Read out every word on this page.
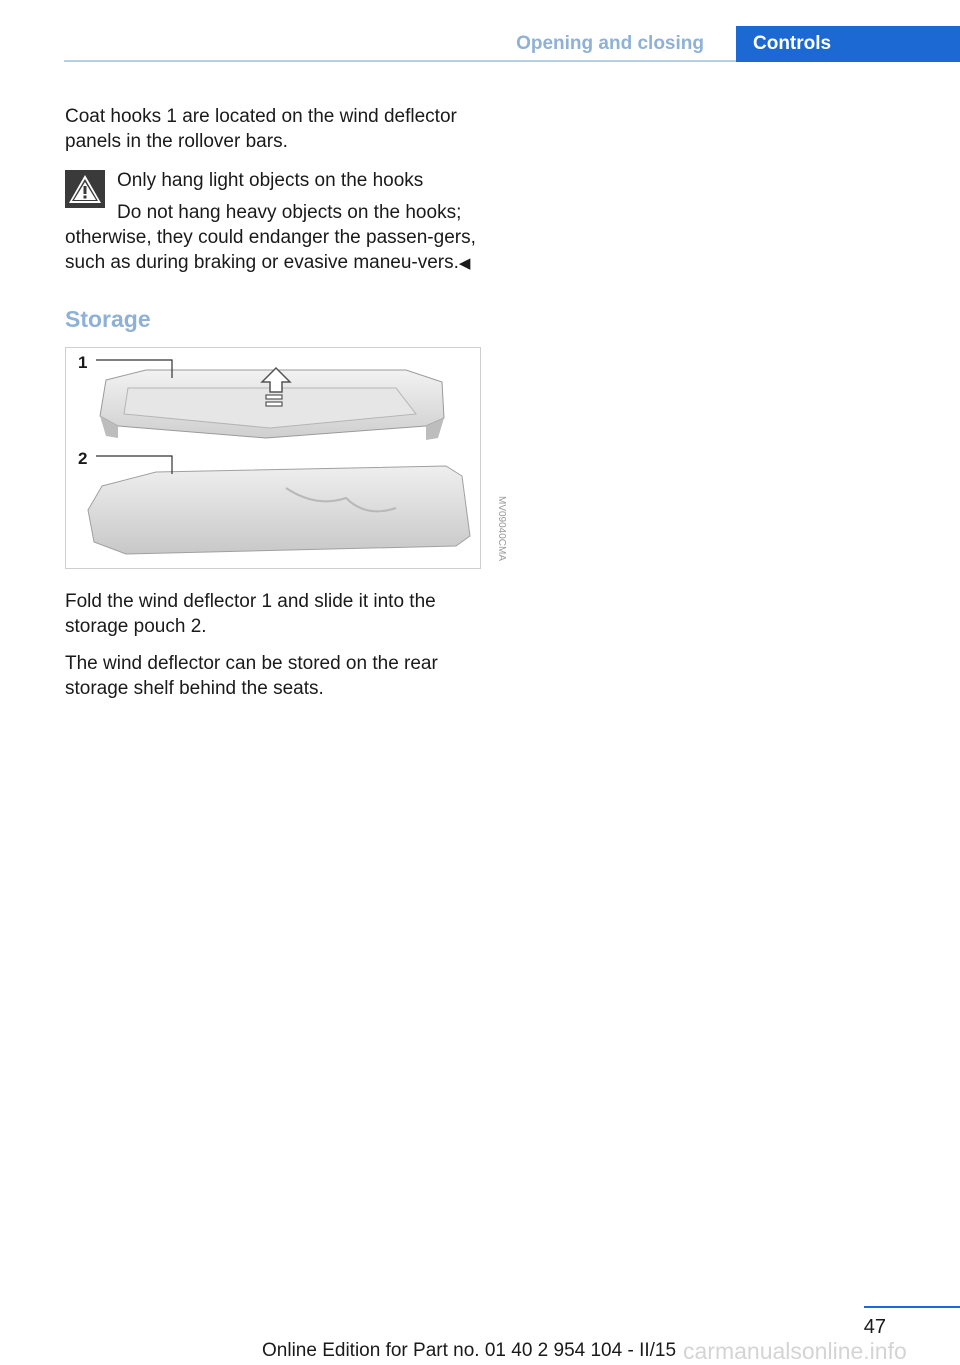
Opening and closing	Controls

Coat hooks 1 are located on the wind deflector panels in the rollover bars.

Only hang light objects on the hooks
Do not hang heavy objects on the hooks;
otherwise, they could endanger the passen-gers, such as during braking or evasive maneu-vers.◀
Storage
1
2
MV09040CMA

Fold the wind deflector 1 and slide it into the storage pouch 2.

The wind deflector can be stored on the rear storage shelf behind the seats.

47
Online Edition for Part no. 01 40 2 954 104 - II/15 carmanualsonline.info
